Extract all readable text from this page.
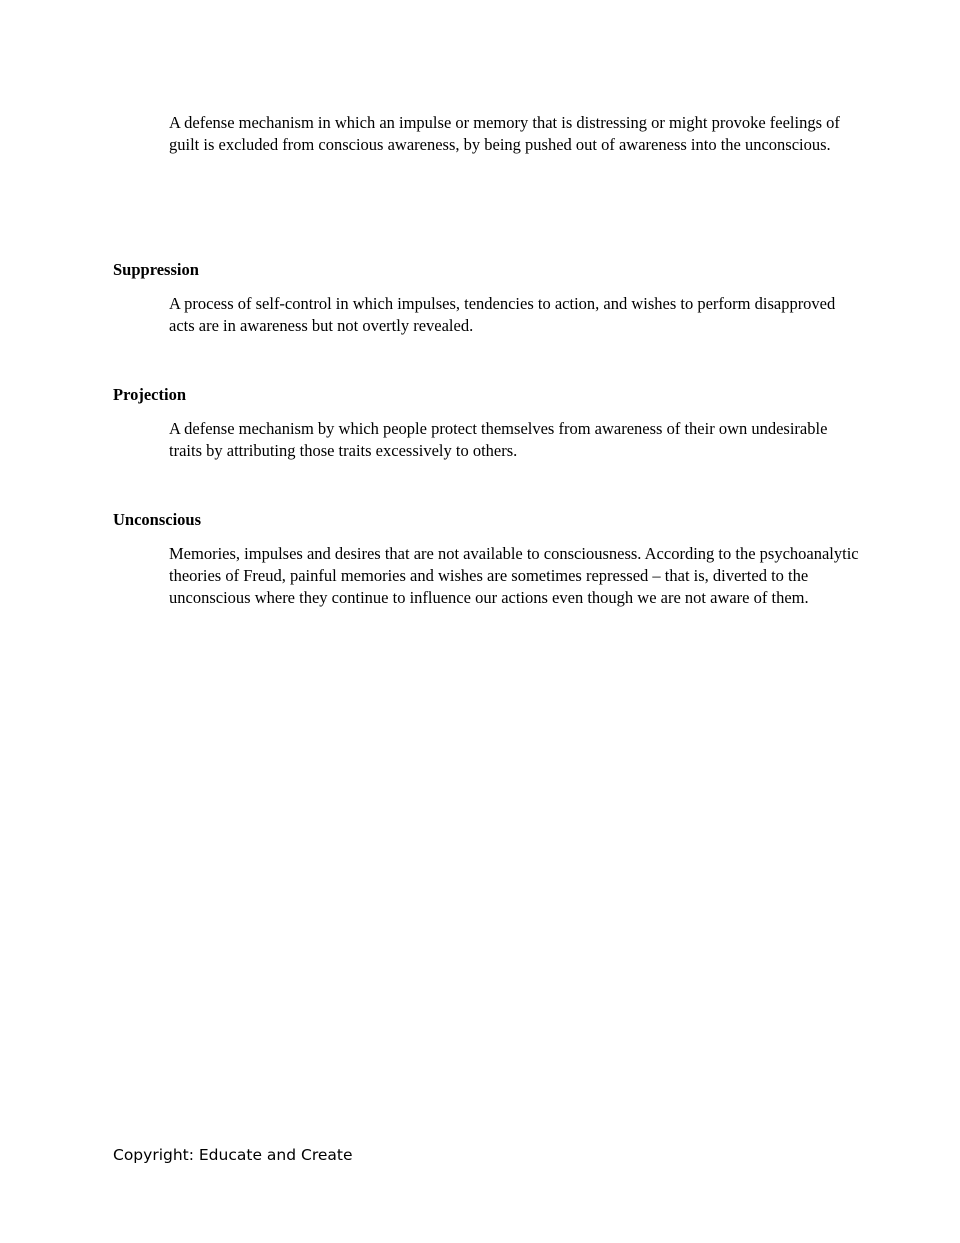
A defense mechanism in which an impulse or memory that is distressing or might provoke feelings of guilt is excluded from conscious awareness, by being pushed out of awareness into the unconscious.

Suppression

A process of self-control in which impulses, tendencies to action, and wishes to perform disapproved acts are in awareness but not overtly revealed.

Projection

A defense mechanism by which people protect themselves from awareness of their own undesirable traits by attributing those traits excessively to others.

Unconscious

Memories, impulses and desires that are not available to consciousness. According to the psychoanalytic theories of Freud, painful memories and wishes are sometimes repressed – that is, diverted to the unconscious where they continue to influence our actions even though we are not aware of them.

Copyright: Educate and Create
